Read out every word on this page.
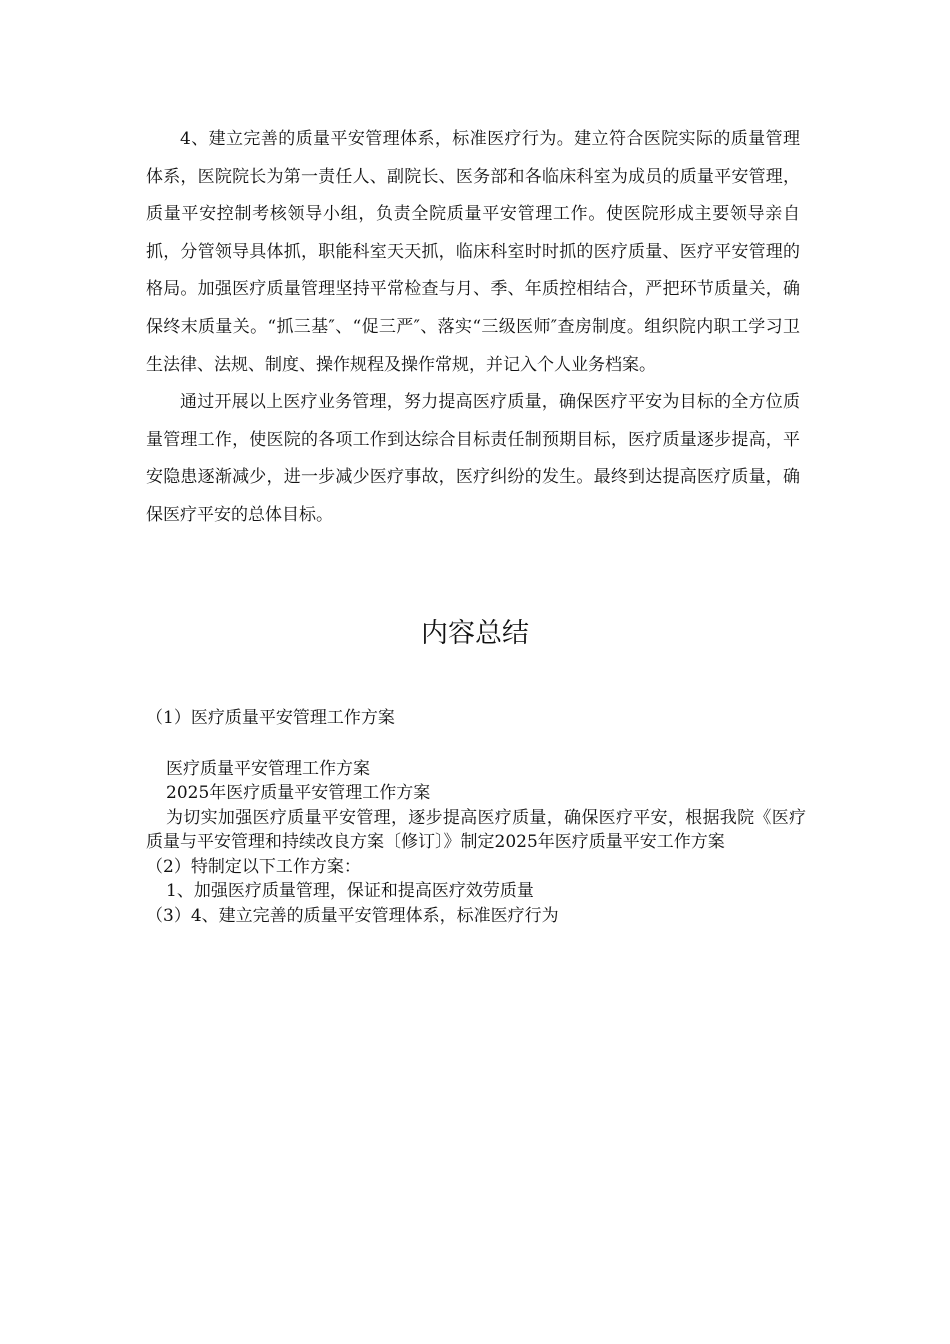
4、建立完善的质量平安管理体系，标准医疗行为。建立符合医院实际的质量管理体系，医院院长为第一责任人、副院长、医务部和各临床科室为成员的质量平安管理，质量平安控制考核领导小组，负责全院质量平安管理工作。使医院形成主要领导亲自抓，分管领导具体抓，职能科室天天抓，临床科室时时抓的医疗质量、医疗平安管理的格局。加强医疗质量管理坚持平常检查与月、季、年质控相结合，严把环节质量关，确保终末质量关。“抓三基″、“促三严″、落实“三级医师″查房制度。组织院内职工学习卫生法律、法规、制度、操作规程及操作常规，并记入个人业务档案。

通过开展以上医疗业务管理，努力提高医疗质量，确保医疗平安为目标的全方位质量管理工作，使医院的各项工作到达综合目标责任制预期目标，医疗质量逐步提高，平安隐患逐渐减少，进一步减少医疗事故，医疗纠纷的发生。最终到达提高医疗质量，确保医疗平安的总体目标。

内容总结
（1）医疗质量平安管理工作方案
医疗质量平安管理工作方案
2025年医疗质量平安管理工作方案
为切实加强医疗质量平安管理，逐步提高医疗质量，确保医疗平安，根据我院《医疗质量与平安管理和持续改良方案〔修订〕》制定2025年医疗质量平安工作方案
（2）特制定以下工作方案：
1、加强医疗质量管理，保证和提高医疗效劳质量
（3）4、建立完善的质量平安管理体系，标准医疗行为
